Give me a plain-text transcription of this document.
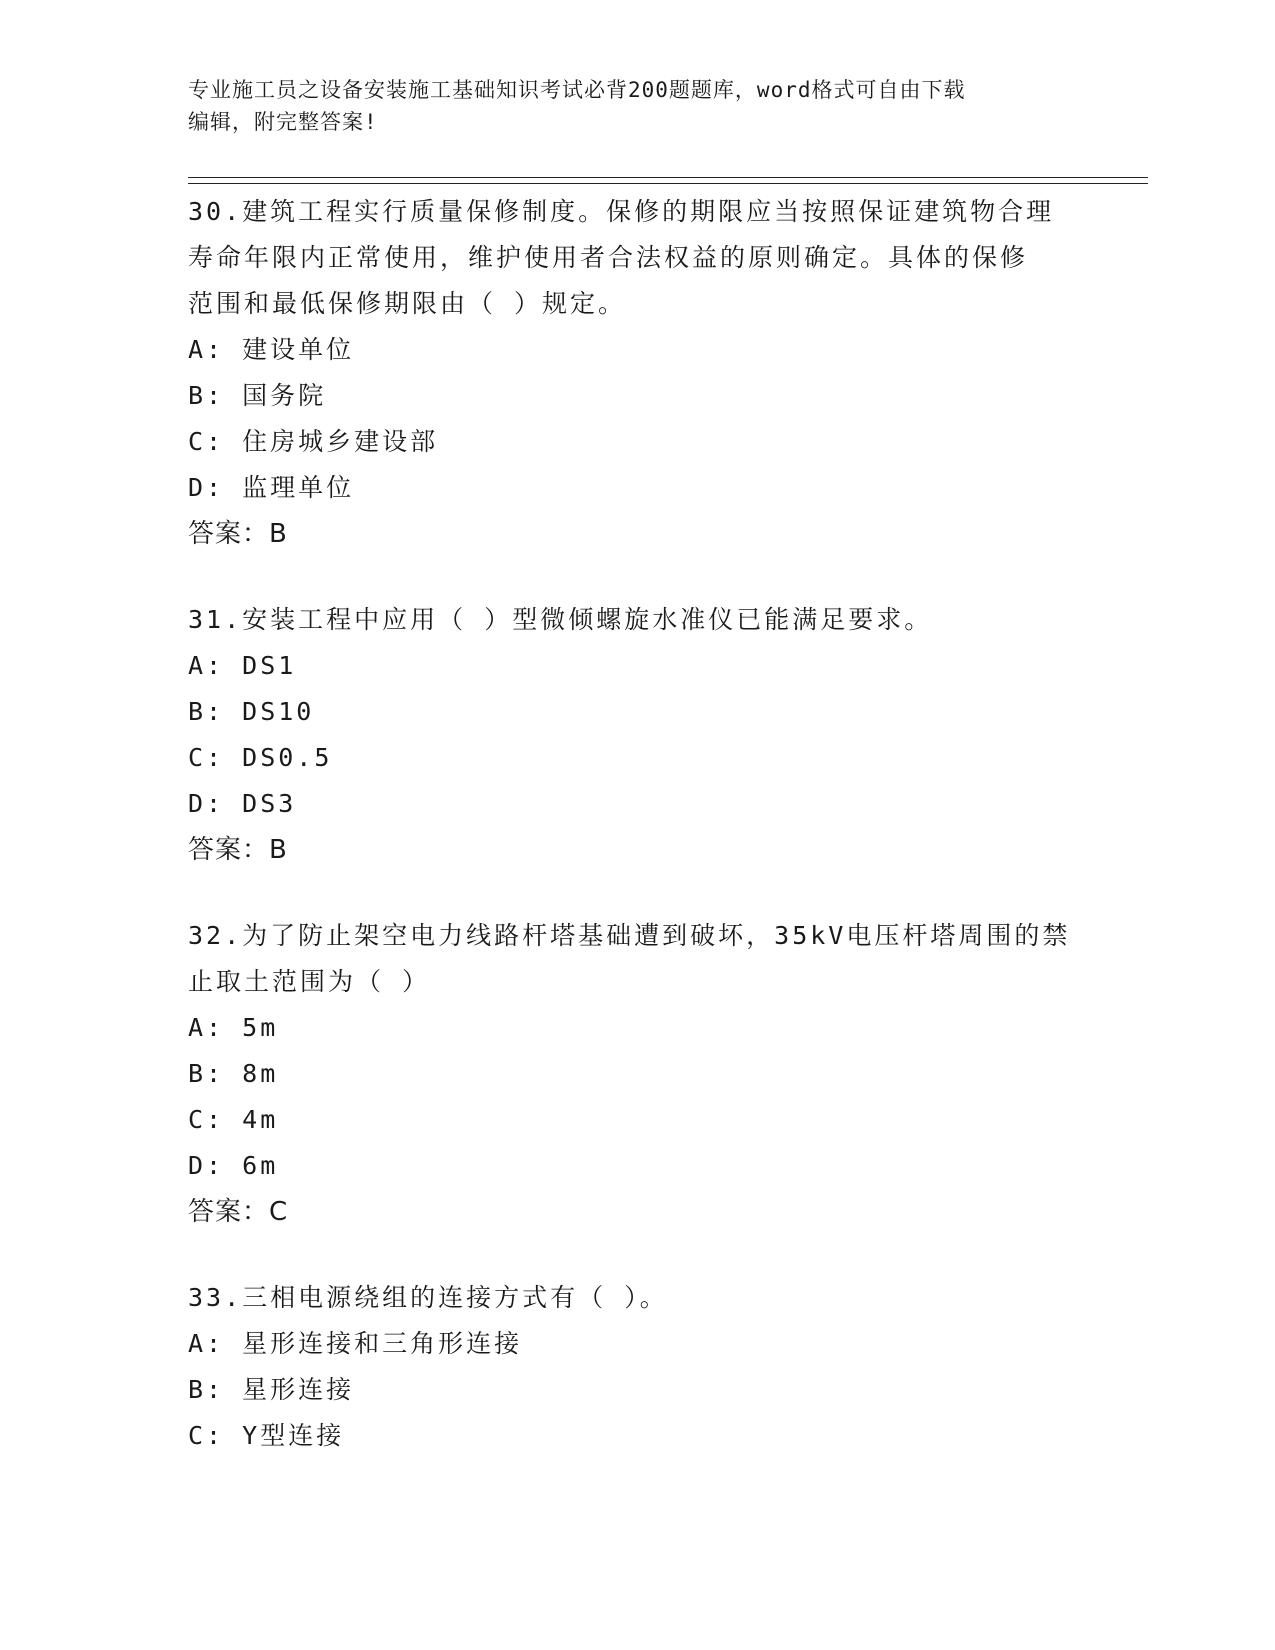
专业施工员之设备安装施工基础知识考试必背200题题库，word格式可自由下载
编辑，附完整答案!
30.建筑工程实行质量保修制度。保修的期限应当按照保证建筑物合理
寿命年限内正常使用，维护使用者合法权益的原则确定。具体的保修
范围和最低保修期限由（ ）规定。
A: 建设单位
B: 国务院
C: 住房城乡建设部
D: 监理单位
答案：B
31.安装工程中应用（ ）型微倾螺旋水准仪已能满足要求。
A: DS1
B: DS10
C: DS0.5
D: DS3
答案：B
32.为了防止架空电力线路杆塔基础遭到破坏，35kV电压杆塔周围的禁
止取土范围为（ ）
A: 5m
B: 8m
C: 4m
D: 6m
答案：C
33.三相电源绕组的连接方式有（ ）。
A: 星形连接和三角形连接
B: 星形连接
C: Y型连接
